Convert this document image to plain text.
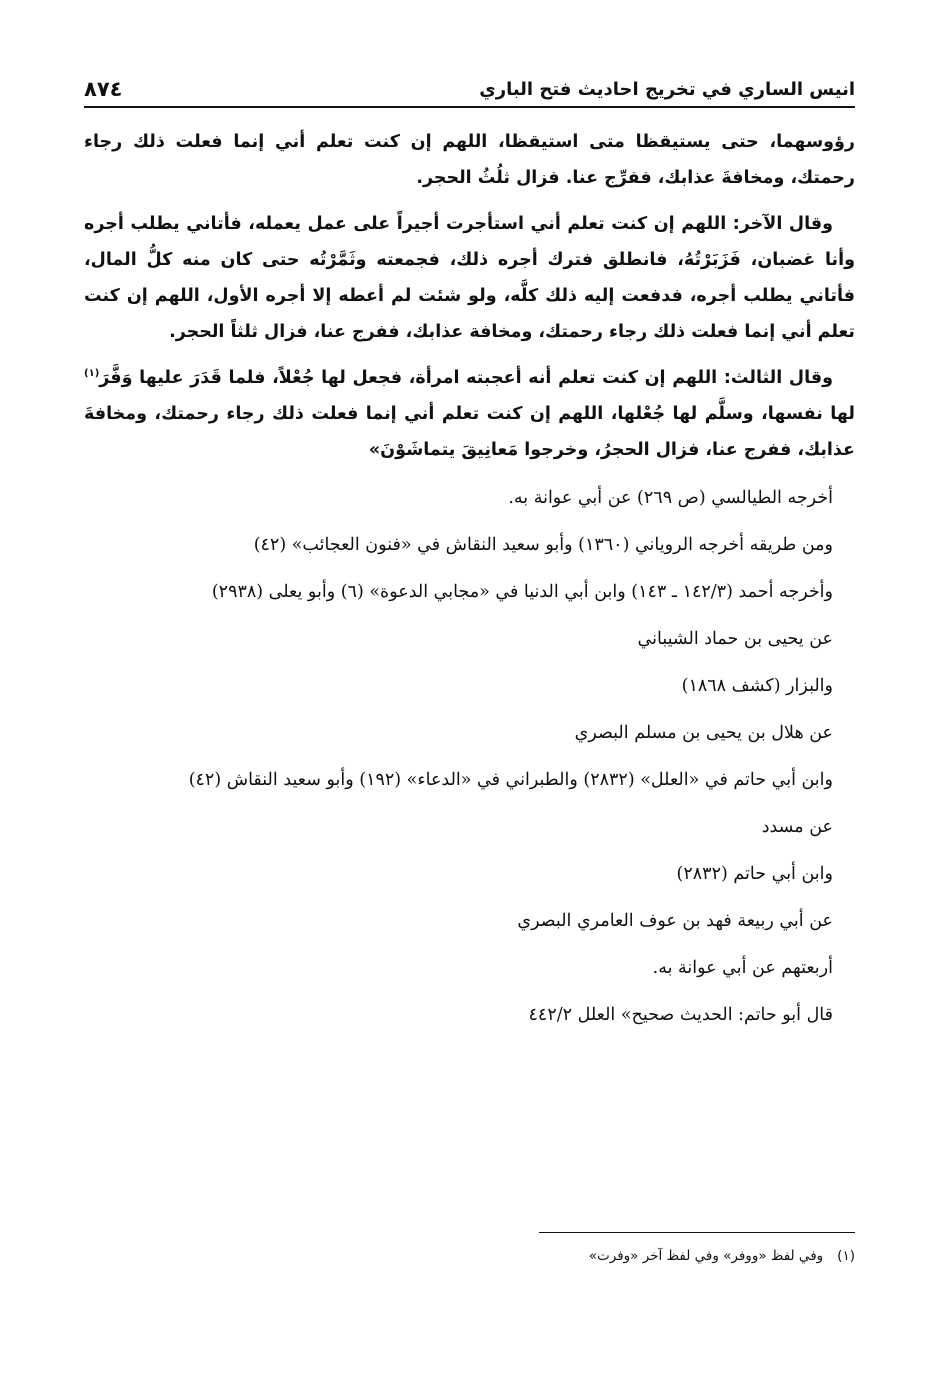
انيس الساري في تخريج احاديث فتح الباري
٨٧٤

رؤوسهما، حتى يستيقظا متى استيقظا، اللهم إن كنت تعلم أني إنما فعلت ذلك رجاء رحمتك، ومخافةَ عذابك، ففرِّج عنا. فزال ثلُثُ الحجر.

وقال الآخر: اللهم إن كنت تعلم أني استأجرت أجيراً على عمل يعمله، فأتاني يطلب أجره وأنا غضبان، فَزَبَرْتُهُ، فانطلق فترك أجره ذلك، فجمعته وثَمَّرْتُه حتى كان منه كلُّ المال، فأتاني يطلب أجره، فدفعت إليه ذلك كلَّه، ولو شئت لم أعطه إلا أجره الأول، اللهم إن كنت تعلم أني إنما فعلت ذلك رجاء رحمتك، ومخافة عذابك، ففرج عنا، فزال ثلثاً الحجر.

وقال الثالث: اللهم إن كنت تعلم أنه أعجبته امرأة، فجعل لها جُعْلاً، فلما قَدَرَ عليها وَفَّرَ$^{(١)}$ لها نفسها، وسلَّم لها جُعْلها، اللهم إن كنت تعلم أني إنما فعلت ذلك رجاء رحمتك، ومخافةَ عذابك، ففرج عنا، فزال الحجرُ، وخرجوا مَعانِيقَ يتماشَوْنَ»

أخرجه الطيالسي (ص ٢٦٩) عن أبي عوانة به.

ومن طريقه أخرجه الروياني (١٣٦٠) وأبو سعيد النقاش في «فنون العجائب» (٤٢)

وأخرجه أحمد (١٤٢/٣ ـ ١٤٣) وابن أبي الدنيا في «مجابي الدعوة» (٦) وأبو يعلى (٢٩٣٨)

عن يحيى بن حماد الشيباني

والبزار (كشف ١٨٦٨)

عن هلال بن يحيى بن مسلم البصري

وابن أبي حاتم في «العلل» (٢٨٣٢) والطبراني في «الدعاء» (١٩٢) وأبو سعيد النقاش (٤٢)

عن مسدد

وابن أبي حاتم (٢٨٣٢)

عن أبي ربيعة فهد بن عوف العامري البصري

أربعتهم عن أبي عوانة به.

قال أبو حاتم: الحديث صحيح» العلل ٤٤٢/٢

(١)وفي لفظ «ووفر» وفي لفظ آخر «وفرت»
